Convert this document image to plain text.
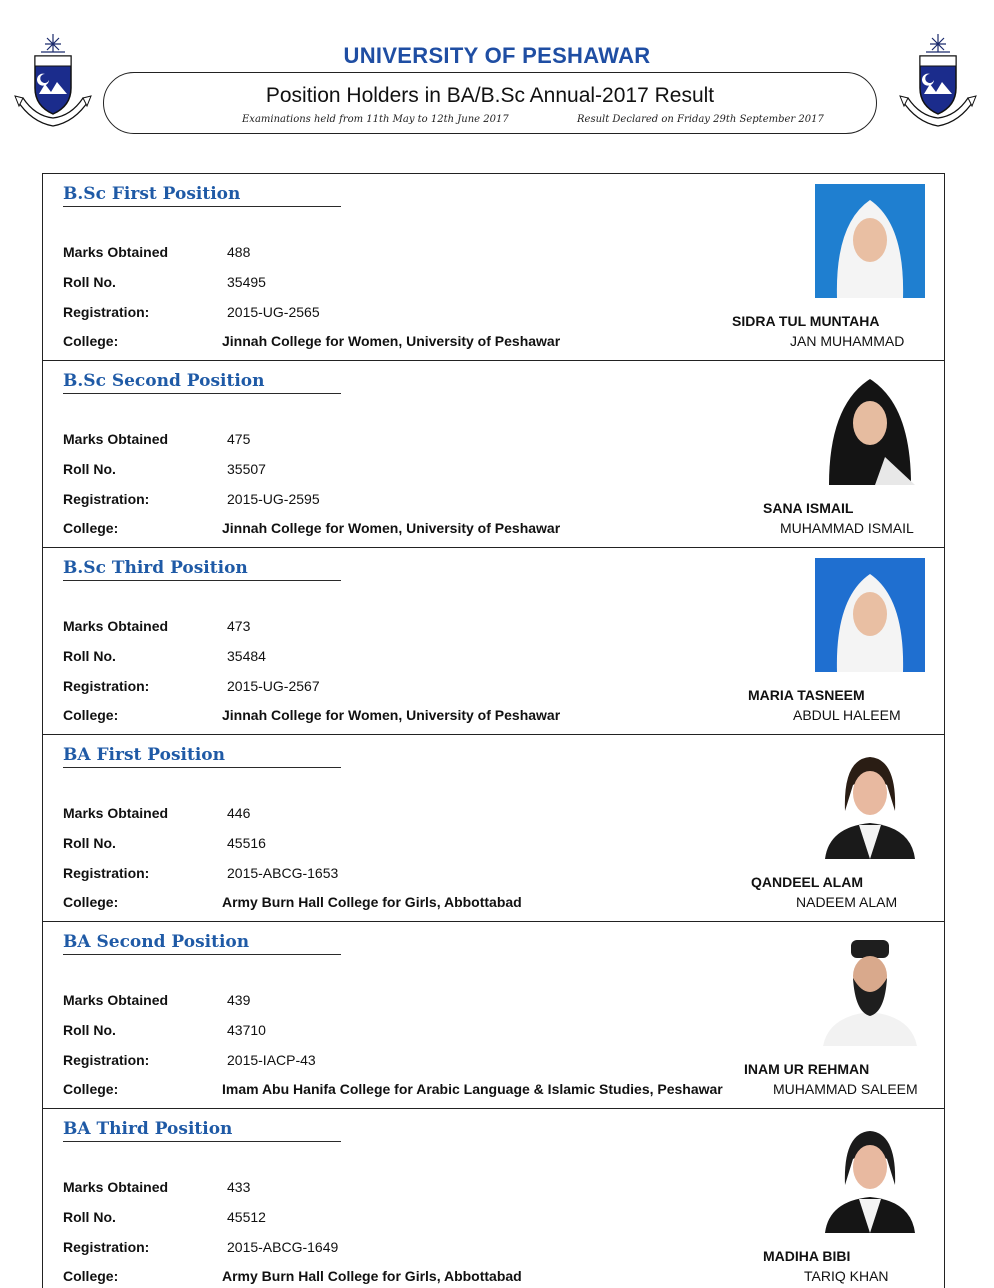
UNIVERSITY OF PESHAWAR
Position Holders in BA/B.Sc Annual-2017 Result
Examinations held from 11th May to 12th June 2017	Result Declared on Friday 29th September 2017
B.Sc First Position
Marks Obtained	488
Roll No.	35495
Registration:	2015-UG-2565
College:	Jinnah College for Women, University of Peshawar
SIDRA TUL MUNTAHA
JAN MUHAMMAD
B.Sc Second Position
Marks Obtained	475
Roll No.	35507
Registration:	2015-UG-2595
College:	Jinnah College for Women, University of Peshawar
SANA ISMAIL
MUHAMMAD ISMAIL
B.Sc Third Position
Marks Obtained	473
Roll No.	35484
Registration:	2015-UG-2567
College:	Jinnah College for Women, University of Peshawar
MARIA TASNEEM
ABDUL HALEEM
BA First Position
Marks Obtained	446
Roll No.	45516
Registration:	2015-ABCG-1653
College:	Army Burn Hall College for Girls, Abbottabad
QANDEEL ALAM
NADEEM ALAM
BA Second Position
Marks Obtained	439
Roll No.	43710
Registration:	2015-IACP-43
College:	Imam Abu Hanifa College for Arabic Language & Islamic Studies, Peshawar
INAM UR REHMAN
MUHAMMAD SALEEM
BA Third Position
Marks Obtained	433
Roll No.	45512
Registration:	2015-ABCG-1649
College:	Army Burn Hall College for Girls, Abbottabad
MADIHA BIBI
TARIQ KHAN
